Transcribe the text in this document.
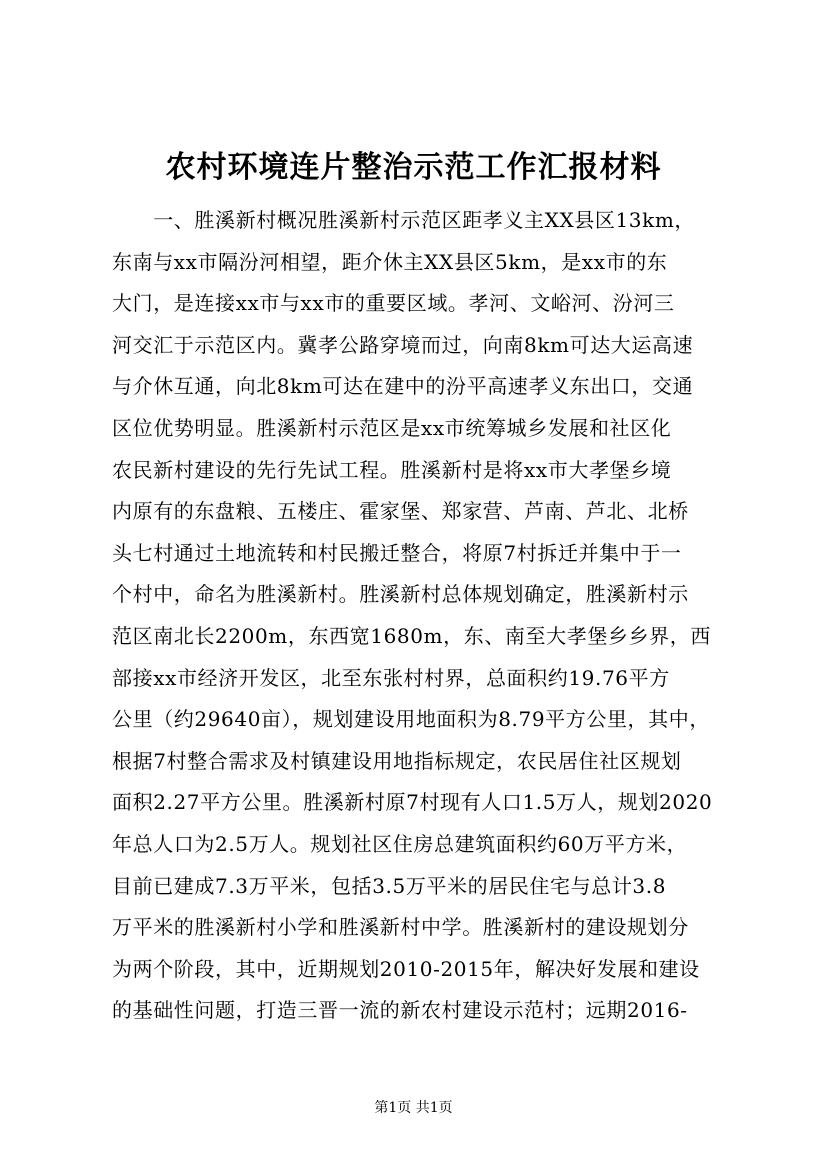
农村环境连片整治示范工作汇报材料
　　一、胜溪新村概况胜溪新村示范区距孝义主XX县区13km，
东南与xx市隔汾河相望，距介休主XX县区5km，是xx市的东
大门，是连接xx市与xx市的重要区域。孝河、文峪河、汾河三
河交汇于示范区内。冀孝公路穿境而过，向南8km可达大运高速
与介休互通，向北8km可达在建中的汾平高速孝义东出口，交通
区位优势明显。胜溪新村示范区是xx市统筹城乡发展和社区化
农民新村建设的先行先试工程。胜溪新村是将xx市大孝堡乡境
内原有的东盘粮、五楼庄、霍家堡、郑家营、芦南、芦北、北桥
头七村通过土地流转和村民搬迁整合，将原7村拆迁并集中于一
个村中，命名为胜溪新村。胜溪新村总体规划确定，胜溪新村示
范区南北长2200m，东西宽1680m，东、南至大孝堡乡乡界，西
部接xx市经济开发区，北至东张村村界，总面积约19.76平方
公里（约29640亩），规划建设用地面积为8.79平方公里，其中，
根据7村整合需求及村镇建设用地指标规定，农民居住社区规划
面积2.27平方公里。胜溪新村原7村现有人口1.5万人，规划2020
年总人口为2.5万人。规划社区住房总建筑面积约60万平方米，
目前已建成7.3万平米，包括3.5万平米的居民住宅与总计3.8
万平米的胜溪新村小学和胜溪新村中学。胜溪新村的建设规划分
为两个阶段，其中，近期规划2010-2015年，解决好发展和建设
的基础性问题，打造三晋一流的新农村建设示范村；远期2016-
第1页 共1页
